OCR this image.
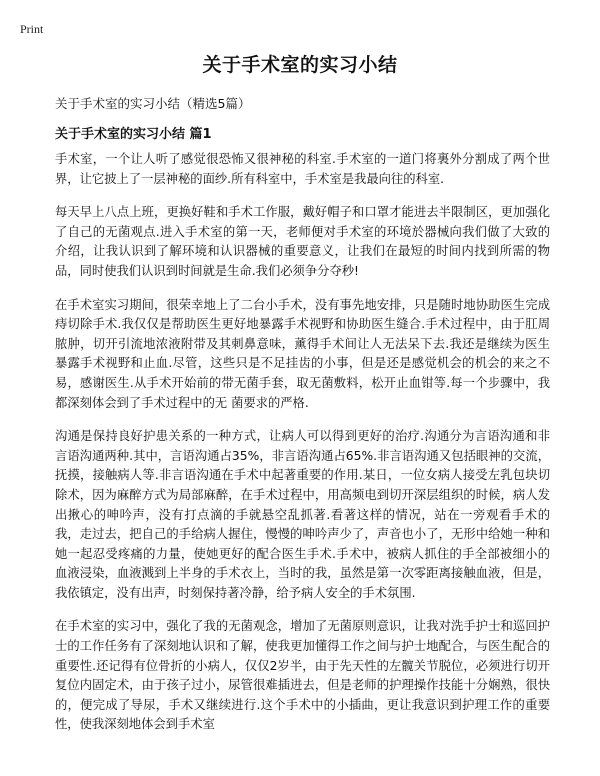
Print
关于手术室的实习小结

关于手术室的实习小结（精选5篇）

关于手术室的实习小结 篇1

手术室，一个让人听了感觉很恐怖又很神秘的科室.手术室的一道门将裏外分割成了两个世界，让它披上了一层神秘的面纱.所有科室中，手术室是我最向往的科室.

每天早上八点上班，更换好鞋和手术工作服，戴好帽子和口罩才能进去半限制区，更加强化了自己的无菌观点.进入手术室的第一天，老师便对手术室的环境於器械向我们做了大致的介绍，让我认识到了解环境和认识器械的重要意义，让我们在最短的时间内找到所需的物品，同时使我们认识到时间就是生命.我们必须争分夺秒!

在手术室实习期间，很荣幸地上了二台小手术，没有事先地安排，只是随时地协助医生完成痔切除手术.我仅仅是帮助医生更好地暴露手术视野和协助医生缝合.手术过程中，由于肛周脓肿，切开引流地浓液附带及其刺鼻意味，薰得手术间让人无法呆下去.我还是继续为医生暴露手术视野和止血.尽管，这些只是不足挂齿的小事，但是还是感觉机会的机会的来之不易，感谢医生.从手术开始前的带无菌手套，取无菌敷料，松开止血钳等.每一个步骤中，我都深刻体会到了手术过程中的无 菌要求的严格.

沟通是保持良好护患关系的一种方式，让病人可以得到更好的治疗.沟通分为言语沟通和非言语沟通两种.其中，言语沟通占35%，非言语沟通占65%.非言语沟通又包括眼神的交流，抚摸，接触病人等.非言语沟通在手术中起著重要的作用.某日，一位女病人接受左乳包块切除术，因为麻醉方式为局部麻醉，在手术过程中，用高频电到切开深层组织的时候，病人发出揪心的呻吟声，没有打点滴的手就悬空乱抓著.看著这样的情况，站在一旁观看手术的我，走过去，把自己的手给病人握住，慢慢的呻吟声少了，声音也小了，无形中给她一种和她一起忍受疼痛的力量，使她更好的配合医生手术.手术中，被病人抓住的手全部被细小的血液浸染，血液溅到上半身的手术衣上，当时的我，虽然是第一次零距离接触血液，但是，我依镇定，没有出声，时刻保持著冷静，给予病人安全的手术氛围.

在手术室的实习中，强化了我的无菌观念，增加了无菌原则意识，让我对洗手护士和巡回护士的工作任务有了深刻地认识和了解，使我更加懂得工作之间与护士地配合，与医生配合的重要性.还记得有位骨折的小病人，仅仅2岁半，由于先天性的左髋关节脱位，必须进行切开复位内固定术，由于孩子过小，尿管很难插进去，但是老师的护理操作技能十分娴熟，很快的，便完成了导尿，手术又继续进行.这个手术中的小插曲，更让我意识到护理工作的重要性，使我深刻地体会到手术室
